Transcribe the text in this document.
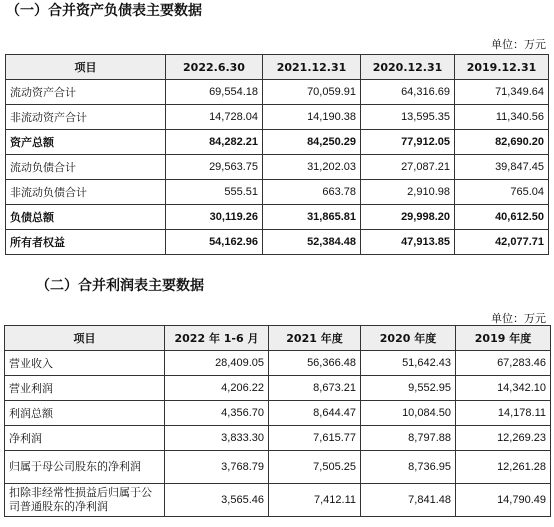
（一）合并资产负债表主要数据
单位：万元
项目	2022.6.30	2021.12.31	2020.12.31	2019.12.31
流动资产合计	69,554.18	70,059.91	64,316.69	71,349.64
非流动资产合计	14,728.04	14,190.38	13,595.35	11,340.56
资产总额	84,282.21	84,250.29	77,912.05	82,690.20
流动负债合计	29,563.75	31,202.03	27,087.21	39,847.45
非流动负债合计	555.51	663.78	2,910.98	765.04
负债总额	30,119.26	31,865.81	29,998.20	40,612.50
所有者权益	54,162.96	52,384.48	47,913.85	42,077.71
（二）合并利润表主要数据
单位：万元
项目	2022 年 1-6 月	2021 年度	2020 年度	2019 年度
营业收入	28,409.05	56,366.48	51,642.43	67,283.46
营业利润	4,206.22	8,673.21	9,552.95	14,342.10
利润总额	4,356.70	8,644.47	10,084.50	14,178.11
净利润	3,833.30	7,615.77	8,797.88	12,269.23
归属于母公司股东的净利润	3,768.79	7,505.25	8,736.95	12,261.28
扣除非经常性损益后归属于公司普通股东的净利润	3,565.46	7,412.11	7,841.48	14,790.49
